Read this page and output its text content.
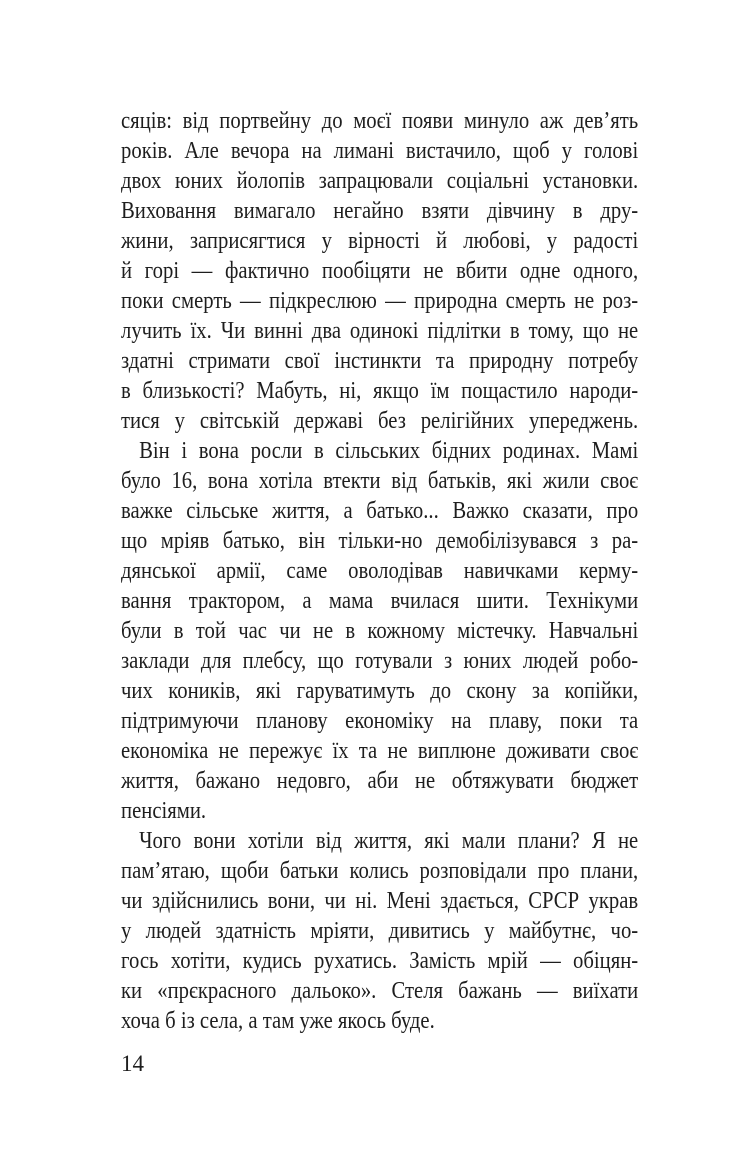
сяців: від портвейну до моєї появи минуло аж дев’ять
років. Але вечора на лимані вистачило, щоб у голові
двох юних йолопів запрацювали соціальні установки.
Виховання вимагало негайно взяти дівчину в дру-
жини, заприсягтися у вірності й любові, у радості
й горі — фактично пообіцяти не вбити одне одного,
поки смерть — підкреслюю — природна смерть не роз-
лучить їх. Чи винні два одинокі підлітки в тому, що не
здатні стримати свої інстинкти та природну потребу
в близькості? Мабуть, ні, якщо їм пощастило народи-
тися у світській державі без релігійних упереджень.
Він і вона росли в сільських бідних родинах. Мамі
було 16, вона хотіла втекти від батьків, які жили своє
важке сільське життя, а батько... Важко сказати, про
що мріяв батько, він тільки-но демобілізувався з ра-
дянської армії, саме оволодівав навичками керму-
вання трактором, а мама вчилася шити. Технікуми
були в той час чи не в кожному містечку. Навчальні
заклади для плебсу, що готували з юних людей робо-
чих коників, які гаруватимуть до скону за копійки,
підтримуючи планову економіку на плаву, поки та
економіка не пережує їх та не виплюне доживати своє
життя, бажано недовго, аби не обтяжувати бюджет
пенсіями.
Чого вони хотіли від життя, які мали плани? Я не
пам’ятаю, щоби батьки колись розповідали про плани,
чи здійснились вони, чи ні. Мені здається, СРСР украв
у людей здатність мріяти, дивитись у майбутнє, чо-
гось хотіти, кудись рухатись. Замість мрій — обіцян-
ки «прєкрасного дальоко». Стеля бажань — виїхати
хоча б із села, а там уже якось буде.
14
